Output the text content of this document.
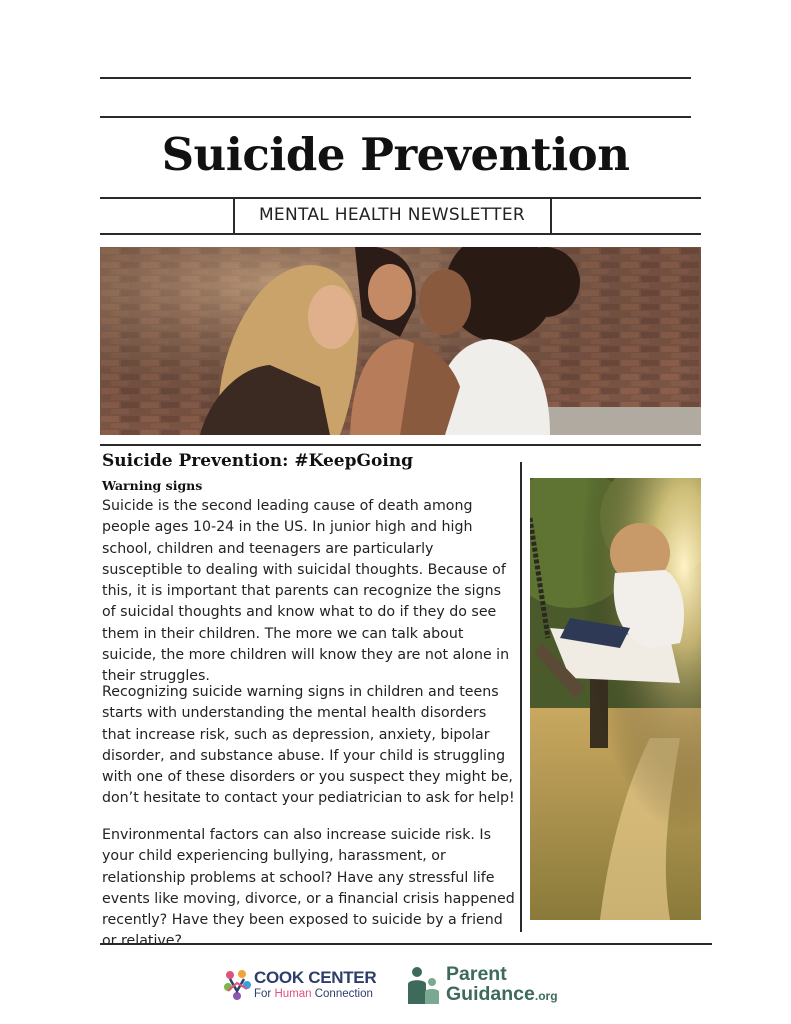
Suicide Prevention
MENTAL HEALTH NEWSLETTER
Suicide Prevention: #KeepGoing
Warning signs

Suicide is the second leading cause of death among people ages 10-24 in the US. In junior high and high school, children and teenagers are particularly susceptible to dealing with suicidal thoughts. Because of this, it is important that parents can recognize the signs of suicidal thoughts and know what to do if they do see them in their children. The more we can talk about suicide, the more children will know they are not alone in their struggles.

Recognizing suicide warning signs in children and teens starts with understanding the mental health disorders that increase risk, such as depression, anxiety, bipolar disorder, and substance abuse. If your child is struggling with one of these disorders or you suspect they might be, don’t hesitate to contact your pediatrician to ask for help!

Environmental factors can also increase suicide risk. Is your child experiencing bullying, harassment, or relationship problems at school? Have any stressful life events like moving, divorce, or a financial crisis happened recently? Have they been exposed to suicide by a friend or relative?

COOK CENTER
For Human Connection
Parent
Guidance.org
